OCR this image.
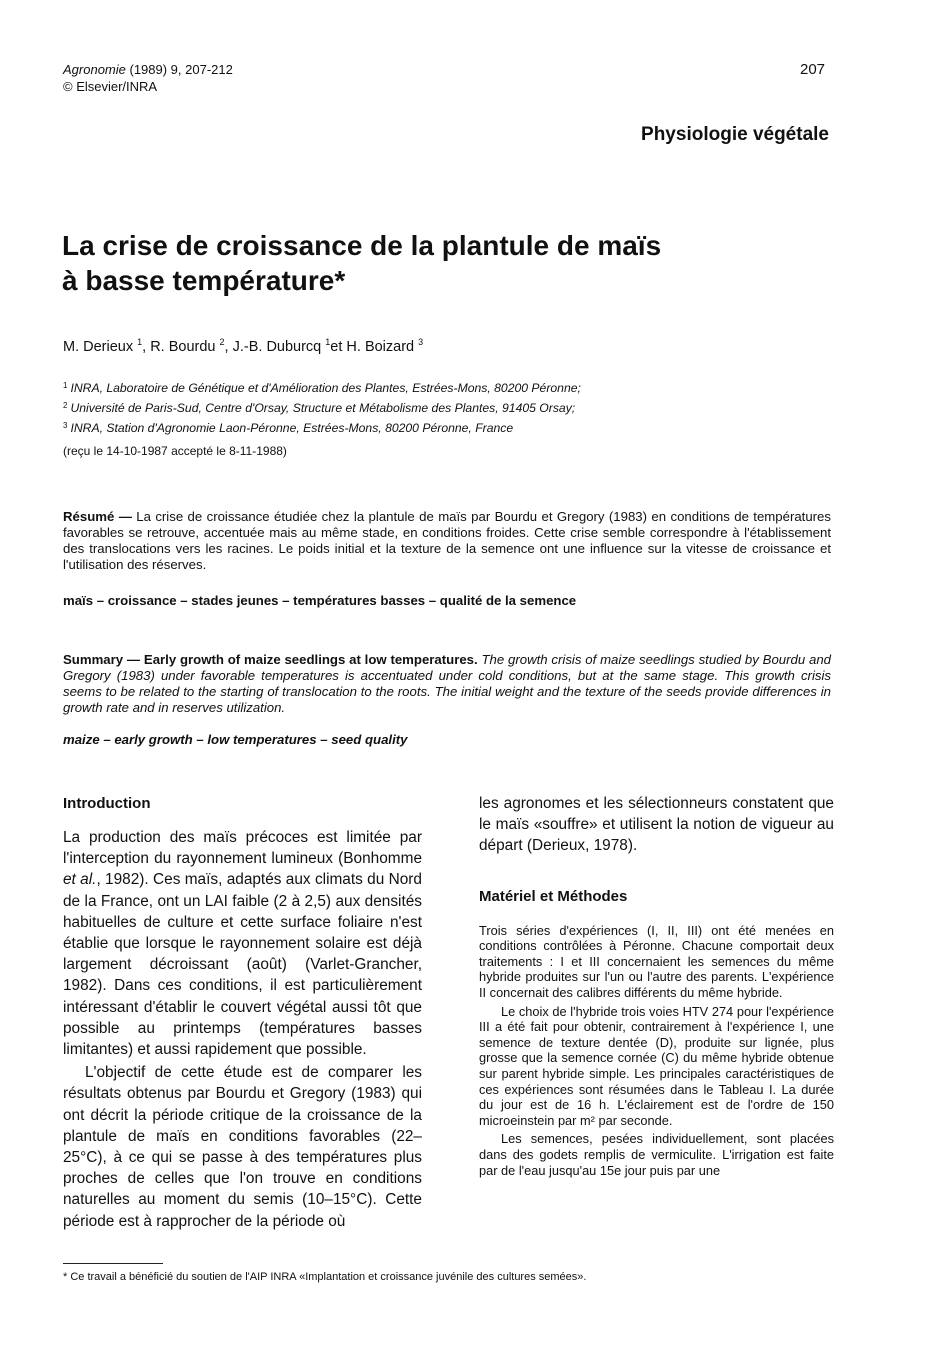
Agronomie (1989) 9, 207-212
© Elsevier/INRA
207
Physiologie végétale
La crise de croissance de la plantule de maïs
à basse température*
M. Derieux $^1$, R. Bourdu $^2$, J.-B. Duburcq $^1$et H. Boizard $^3$
$^1$ INRA, Laboratoire de Génétique et d'Amélioration des Plantes, Estrées-Mons, 80200 Péronne;
$^2$ Université de Paris-Sud, Centre d'Orsay, Structure et Métabolisme des Plantes, 91405 Orsay;
$^3$ INRA, Station d'Agronomie Laon-Péronne, Estrées-Mons, 80200 Péronne, France
(reçu le 14-10-1987 accepté le 8-11-1988)
Résumé — La crise de croissance étudiée chez la plantule de maïs par Bourdu et Gregory (1983) en conditions de températures favorables se retrouve, accentuée mais au même stade, en conditions froides. Cette crise semble correspondre à l'établissement des translocations vers les racines. Le poids initial et la texture de la semence ont une influence sur la vitesse de croissance et l'utilisation des réserves.
maïs – croissance – stades jeunes – températures basses – qualité de la semence
Summary — Early growth of maize seedlings at low temperatures. The growth crisis of maize seedlings studied by Bourdu and Gregory (1983) under favorable temperatures is accentuated under cold conditions, but at the same stage. This growth crisis seems to be related to the starting of translocation to the roots. The initial weight and the texture of the seeds provide differences in growth rate and in reserves utilization.
maize – early growth – low temperatures – seed quality
Introduction

La production des maïs précoces est limitée par l'interception du rayonnement lumineux (Bonhomme et al., 1982). Ces maïs, adaptés aux climats du Nord de la France, ont un LAI faible (2 à 2,5) aux densités habituelles de culture et cette surface foliaire n'est établie que lorsque le rayonnement solaire est déjà largement décroissant (août) (Varlet-Grancher, 1982). Dans ces conditions, il est particulièrement intéressant d'établir le couvert végétal aussi tôt que possible au printemps (températures basses limitantes) et aussi rapidement que possible.

L'objectif de cette étude est de comparer les résultats obtenus par Bourdu et Gregory (1983) qui ont décrit la période critique de la croissance de la plantule de maïs en conditions favorables (22–25°C), à ce qui se passe à des températures plus proches de celles que l'on trouve en conditions naturelles au moment du semis (10–15°C). Cette période est à rapprocher de la période où

les agronomes et les sélectionneurs constatent que le maïs «souffre» et utilisent la notion de vigueur au départ (Derieux, 1978).

Matériel et Méthodes

Trois séries d'expériences (I, II, III) ont été menées en conditions contrôlées à Péronne. Chacune comportait deux traitements : I et III concernaient les semences du même hybride produites sur l'un ou l'autre des parents. L'expérience II concernait des calibres différents du même hybride.

Le choix de l'hybride trois voies HTV 274 pour l'expérience III a été fait pour obtenir, contrairement à l'expérience I, une semence de texture dentée (D), produite sur lignée, plus grosse que la semence cornée (C) du même hybride obtenue sur parent hybride simple. Les principales caractéristiques de ces expériences sont résumées dans le Tableau I. La durée du jour est de 16 h. L'éclairement est de l'ordre de 150 microeinstein par m² par seconde.

Les semences, pesées individuellement, sont placées dans des godets remplis de vermiculite. L'irrigation est faite par de l'eau jusqu'au 15e jour puis par une

* Ce travail a bénéficié du soutien de l'AIP INRA «Implantation et croissance juvénile des cultures semées».
